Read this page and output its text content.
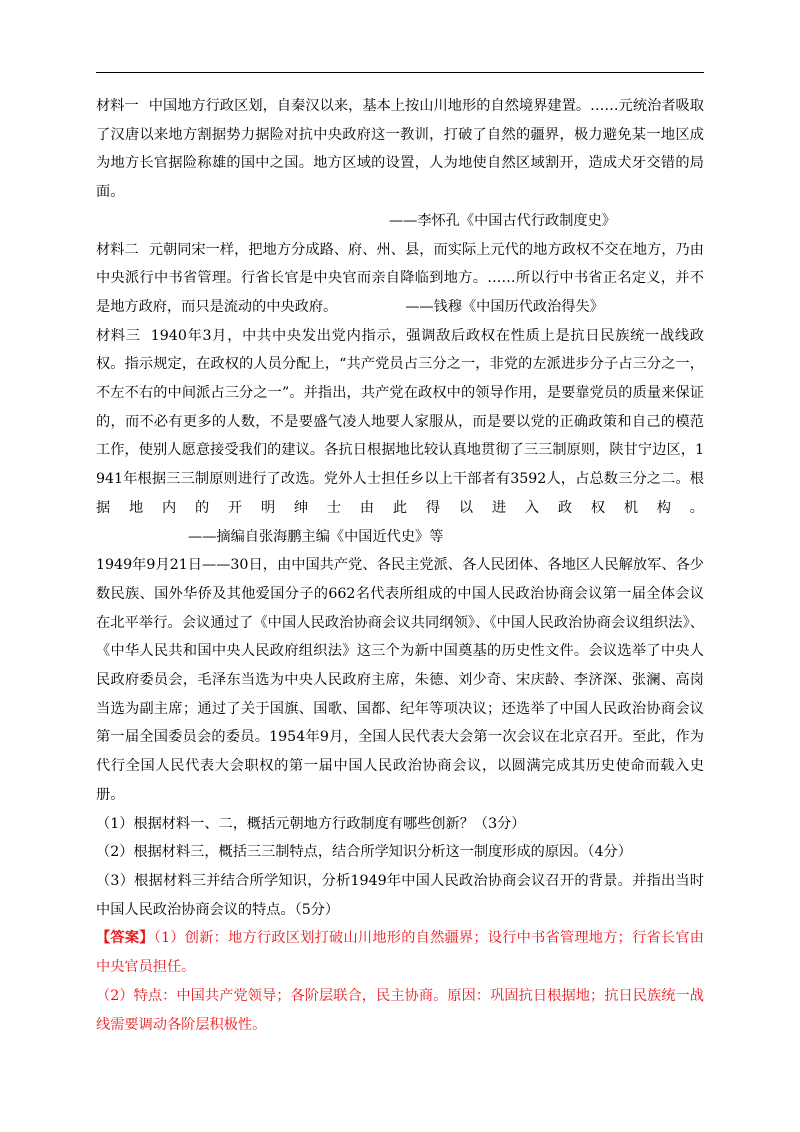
材料一 中国地方行政区划，自秦汉以来，基本上按山川地形的自然境界建置。……元统治者吸取了汉唐以来地方割据势力据险对抗中央政府这一教训，打破了自然的疆界，极力避免某一地区成为地方长官据险称雄的国中之国。地方区域的设置，人为地使自然区域割开，造成犬牙交错的局面。
——李怀孔《中国古代行政制度史》

材料二 元朝同宋一样，把地方分成路、府、州、县，而实际上元代的地方政权不交在地方，乃由中央派行中书省管理。行省长官是中央官而亲自降临到地方。……所以行中书省正名定义，并不是地方政府，而只是流动的中央政府。	——钱穆《中国历代政治得失》

材料三 1940年3月，中共中央发出党内指示，强调敌后政权在性质上是抗日民族统一战线政权。指示规定，在政权的人员分配上，“共产党员占三分之一，非党的左派进步分子占三分之一，不左不右的中间派占三分之一”。并指出，共产党在政权中的领导作用，是要靠党员的质量来保证的，而不必有更多的人数，不是要盛气凌人地要人家服从，而是要以党的正确政策和自己的模范工作，使别人愿意接受我们的建议。各抗日根据地比较认真地贯彻了三三制原则，陕甘宁边区，1941年根据三三制原则进行了改选。党外人士担任乡以上干部者有3592人，占总数三分之二。根据地内的开明绅士由此得以进入政权机构。——摘编自张海鹏主编《中国近代史》等

1949年9月21日——30日，由中国共产党、各民主党派、各人民团体、各地区人民解放军、各少数民族、国外华侨及其他爱国分子的662名代表所组成的中国人民政治协商会议第一届全体会议在北平举行。会议通过了《中国人民政治协商会议共同纲领》、《中国人民政治协商会议组织法》、《中华人民共和国中央人民政府组织法》这三个为新中国奠基的历史性文件。会议选举了中央人民政府委员会，毛泽东当选为中央人民政府主席，朱德、刘少奇、宋庆龄、李济深、张澜、高岗当选为副主席；通过了关于国旗、国歌、国都、纪年等项决议；还选举了中国人民政治协商会议第一届全国委员会的委员。1954年9月，全国人民代表大会第一次会议在北京召开。至此，作为代行全国人民代表大会职权的第一届中国人民政治协商会议，以圆满完成其历史使命而载入史册。

（1）根据材料一、二，概括元朝地方行政制度有哪些创新？（3分）

（2）根据材料三，概括三三制特点，结合所学知识分析这一制度形成的原因。（4分）

（3）根据材料三并结合所学知识，分析1949年中国人民政治协商会议召开的背景。并指出当时中国人民政治协商会议的特点。（5分）

【答案】（1）创新：地方行政区划打破山川地形的自然疆界；设行中书省管理地方；行省长官由中央官员担任。

（2）特点：中国共产党领导；各阶层联合，民主协商。原因：巩固抗日根据地；抗日民族统一战线需要调动各阶层积极性。
